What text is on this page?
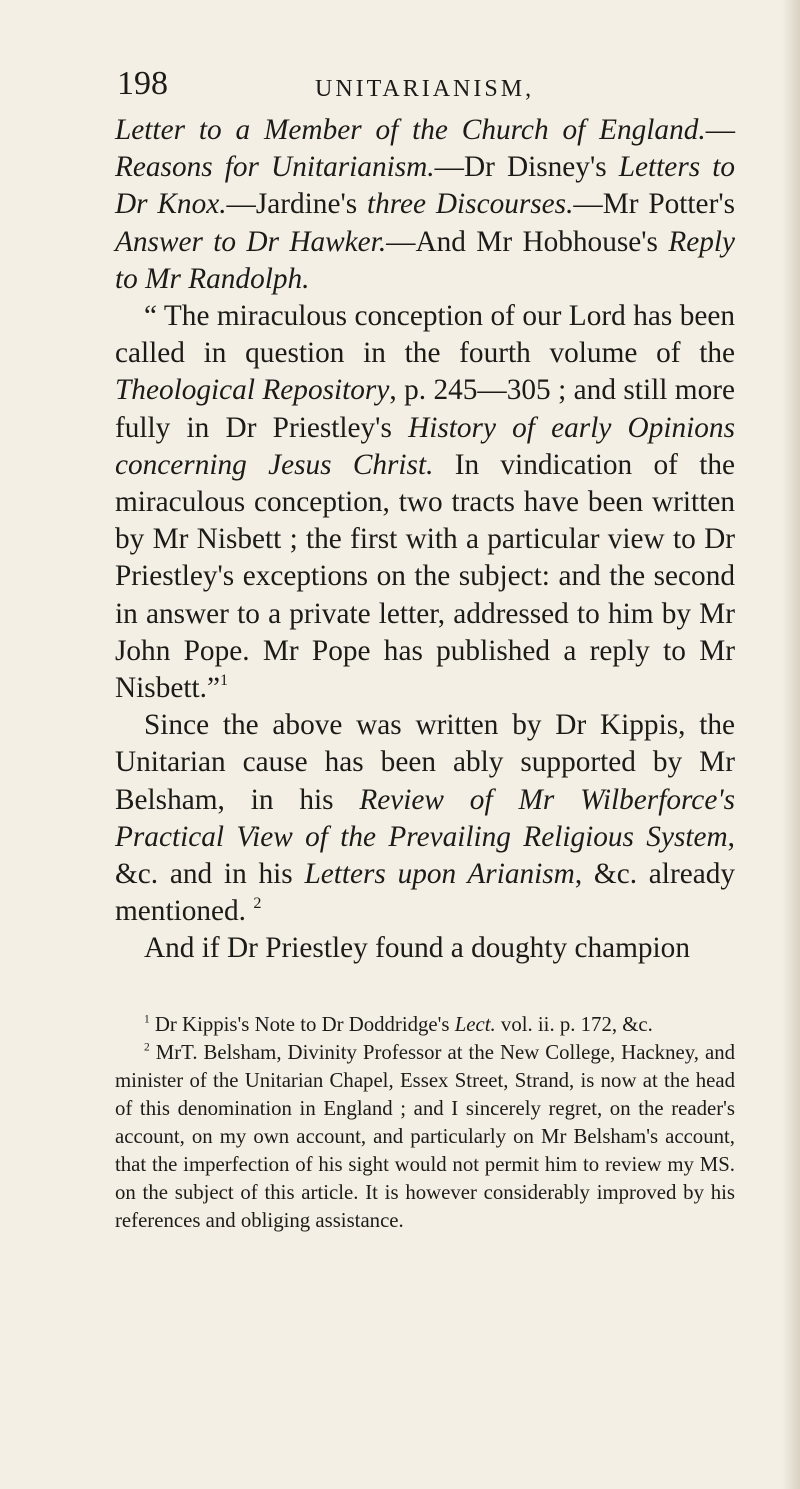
198	UNITARIANISM,

Letter to a Member of the Church of England.—Reasons for Unitarianism.—Dr Disney's Letters to Dr Knox.—Jardine's three Discourses.—Mr Potter's Answer to Dr Hawker.—And Mr Hobhouse's Reply to Mr Randolph.

“ The miraculous conception of our Lord has been called in question in the fourth volume of the Theological Repository, p. 245—305 ; and still more fully in Dr Priestley's History of early Opinions concerning Jesus Christ. In vindication of the miraculous conception, two tracts have been written by Mr Nisbett ; the first with a particular view to Dr Priestley's exceptions on the subject: and the second in answer to a private letter, addressed to him by Mr John Pope. Mr Pope has published a reply to Mr Nisbett.”$^1$

Since the above was written by Dr Kippis, the Unitarian cause has been ably supported by Mr Belsham, in his Review of Mr Wilberforce's Practical View of the Prevailing Religious System, &c. and in his Letters upon Arianism, &c. already mentioned. $^2$

And if Dr Priestley found a doughty champion

$^1$ Dr Kippis's Note to Dr Doddridge's Lect. vol. ii. p. 172, &c.

$^2$ MrT. Belsham, Divinity Professor at the New College, Hackney, and minister of the Unitarian Chapel, Essex Street, Strand, is now at the head of this denomination in England ; and I sincerely regret, on the reader's account, on my own account, and particularly on Mr Belsham's account, that the imperfection of his sight would not permit him to review my MS. on the subject of this article. It is however considerably improved by his references and obliging assistance.
